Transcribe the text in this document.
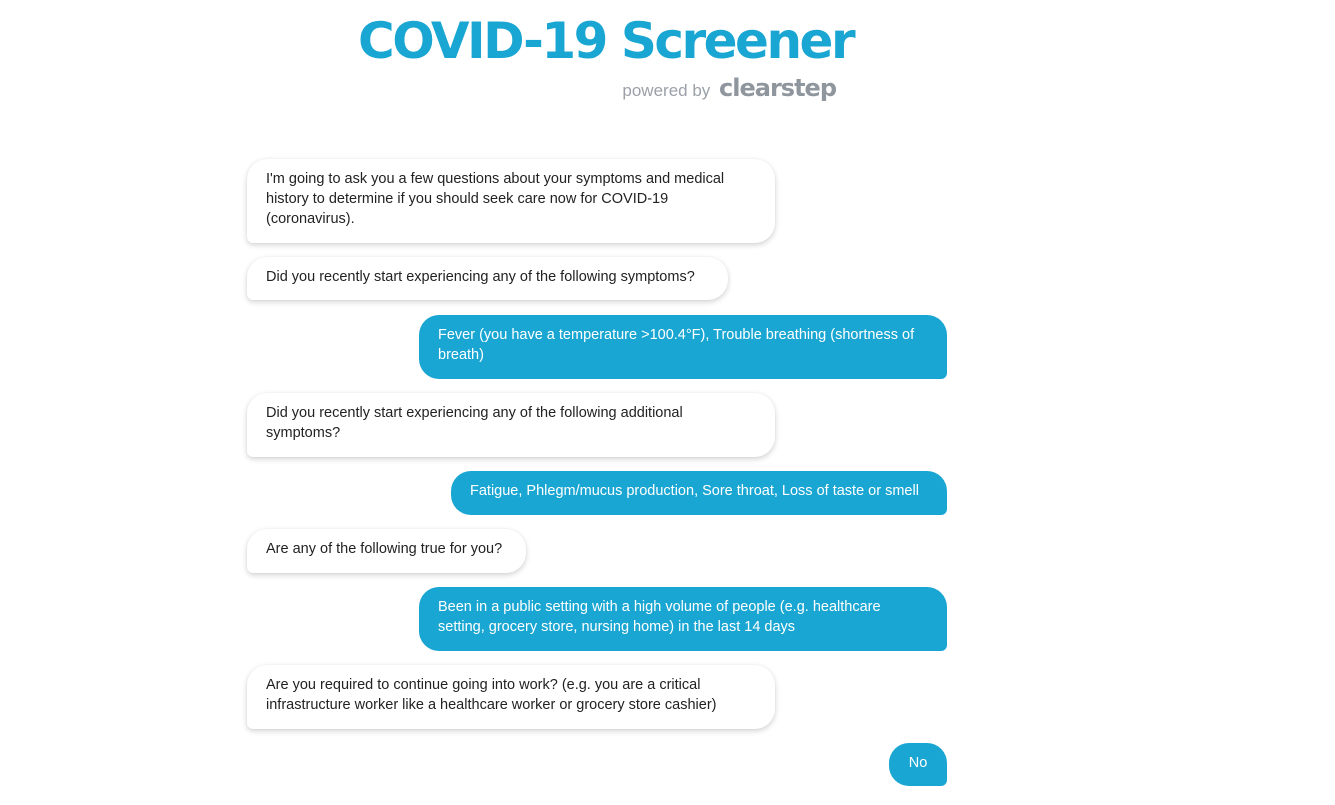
COVID-19 Screener
powered by clearstep
I'm going to ask you a few questions about your symptoms and medical history to determine if you should seek care now for COVID-19 (coronavirus).
Did you recently start experiencing any of the following symptoms?
Fever (you have a temperature >100.4°F), Trouble breathing (shortness of breath)
Did you recently start experiencing any of the following additional symptoms?
Fatigue, Phlegm/mucus production, Sore throat, Loss of taste or smell
Are any of the following true for you?
Been in a public setting with a high volume of people (e.g. healthcare setting, grocery store, nursing home) in the last 14 days
Are you required to continue going into work? (e.g. you are a critical infrastructure worker like a healthcare worker or grocery store cashier)
No
